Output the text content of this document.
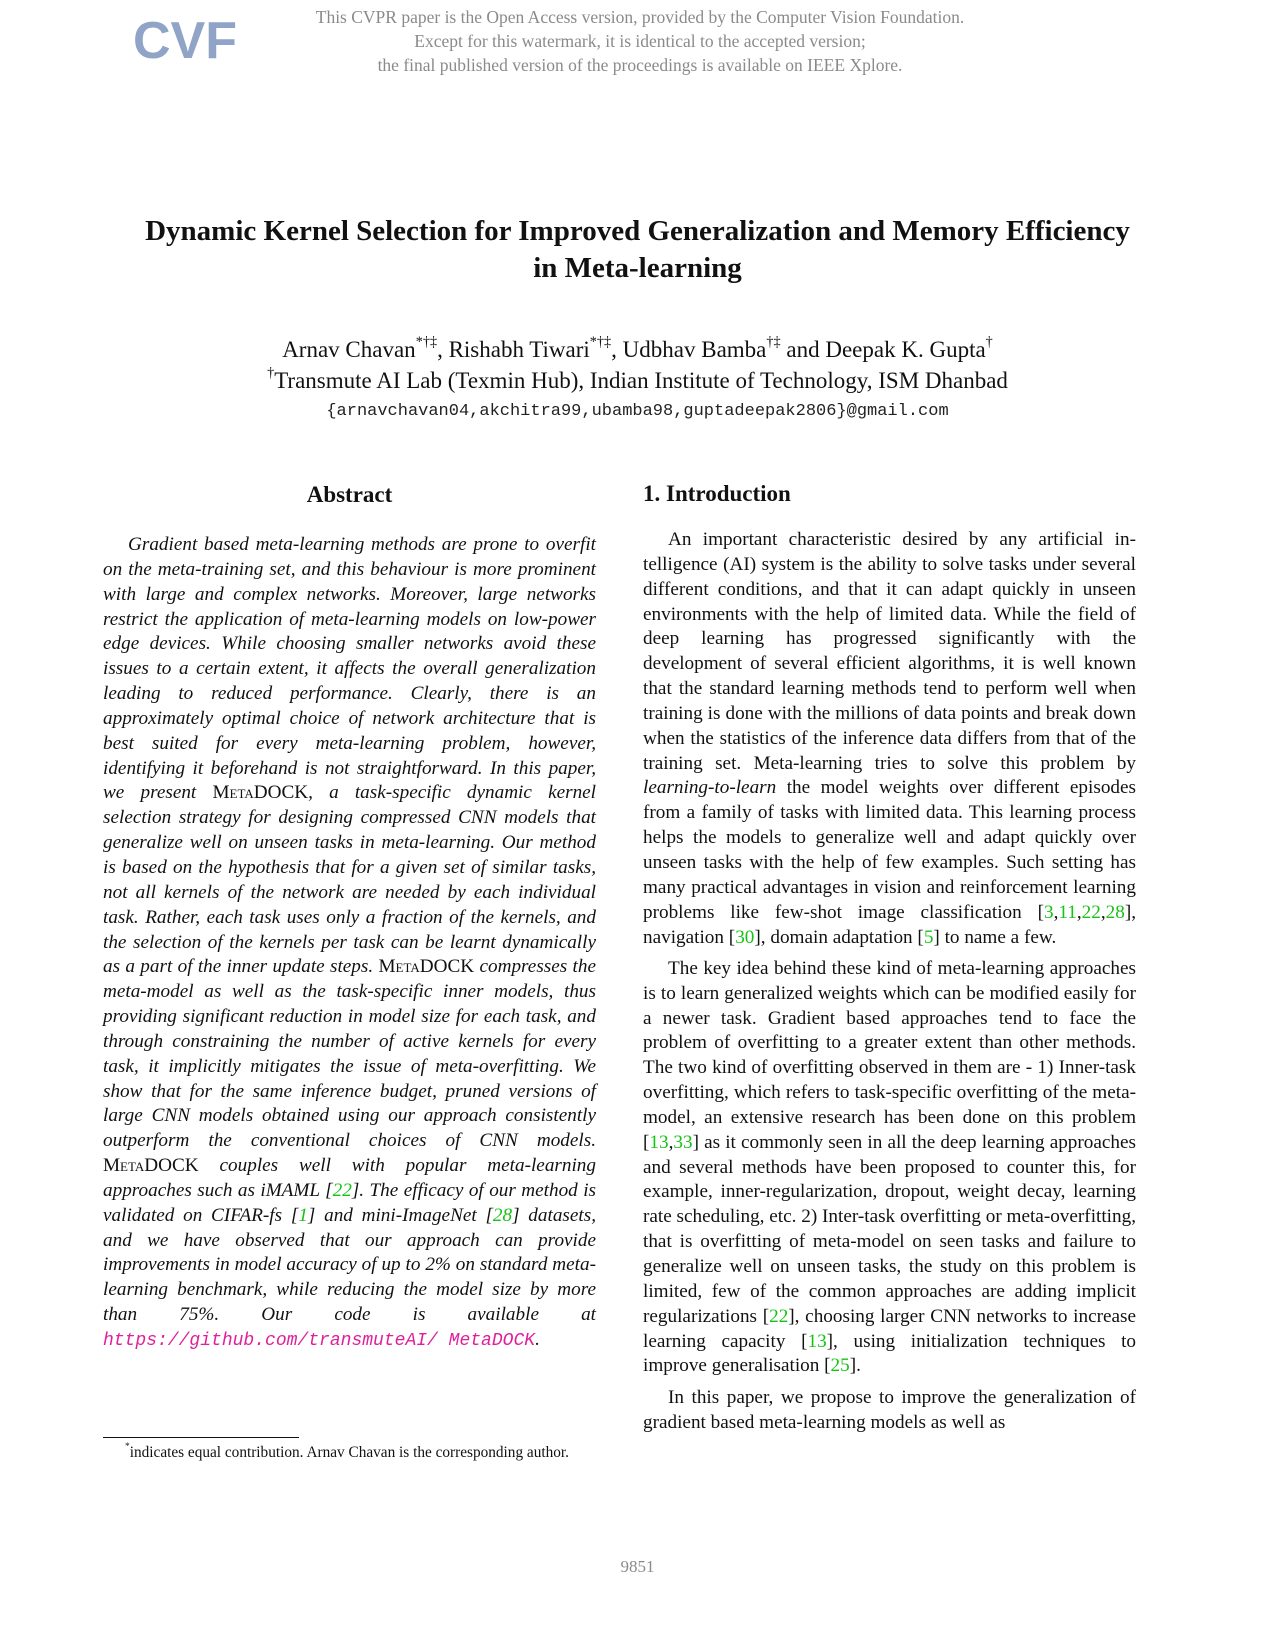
CVF	This CVPR paper is the Open Access version, provided by the Computer Vision Foundation.
Except for this watermark, it is identical to the accepted version;
the final published version of the proceedings is available on IEEE Xplore.
Dynamic Kernel Selection for Improved Generalization and Memory Efficiency
in Meta-learning
Arnav Chavan*†‡, Rishabh Tiwari*†‡, Udbhav Bamba†‡ and Deepak K. Gupta†
†Transmute AI Lab (Texmin Hub), Indian Institute of Technology, ISM Dhanbad
{arnavchavan04,akchitra99,ubamba98,guptadeepak2806}@gmail.com
Abstract
Gradient based meta-learning methods are prone to overfit on the meta-training set, and this behaviour is more prominent with large and complex networks. Moreover, large networks restrict the application of meta-learning models on low-power edge devices. While choosing smaller networks avoid these issues to a certain extent, it affects the overall generalization leading to reduced performance. Clearly, there is an approximately optimal choice of network architecture that is best suited for every meta-learning problem, however, identifying it beforehand is not straightforward. In this paper, we present MetaDOCK, a task-specific dynamic kernel selection strategy for designing compressed CNN models that generalize well on unseen tasks in meta-learning. Our method is based on the hypothesis that for a given set of similar tasks, not all kernels of the network are needed by each individual task. Rather, each task uses only a fraction of the kernels, and the selection of the kernels per task can be learnt dynamically as a part of the inner update steps. MetaDOCK compresses the meta-model as well as the task-specific inner models, thus providing significant reduction in model size for each task, and through constraining the number of active kernels for every task, it implicitly mitigates the issue of meta-overfitting. We show that for the same inference budget, pruned versions of large CNN models obtained using our approach consistently outperform the conventional choices of CNN models. MetaDOCK couples well with popular meta-learning approaches such as iMAML [22]. The efficacy of our method is validated on CIFAR-fs [1] and mini-ImageNet [28] datasets, and we have observed that our approach can provide improvements in model accuracy of up to 2% on standard meta-learning benchmark, while reducing the model size by more than 75%. Our code is available at https://github.com/transmuteAI/ MetaDOCK.
*indicates equal contribution. Arnav Chavan is the corresponding author.
1. Introduction

An important characteristic desired by any artificial intelligence (AI) system is the ability to solve tasks under several different conditions, and that it can adapt quickly in unseen environments with the help of limited data. While the field of deep learning has progressed significantly with the development of several efficient algorithms, it is well known that the standard learning methods tend to perform well when training is done with the millions of data points and break down when the statistics of the inference data differs from that of the training set. Meta-learning tries to solve this problem by learning-to-learn the model weights over different episodes from a family of tasks with limited data. This learning process helps the models to generalize well and adapt quickly over unseen tasks with the help of few examples. Such setting has many practical advantages in vision and reinforcement learning problems like few-shot image classification [3,11,22,28], navigation [30], domain adaptation [5] to name a few.

The key idea behind these kind of meta-learning approaches is to learn generalized weights which can be modified easily for a newer task. Gradient based approaches tend to face the problem of overfitting to a greater extent than other methods. The two kind of overfitting observed in them are - 1) Inner-task overfitting, which refers to task-specific overfitting of the meta-model, an extensive research has been done on this problem [13,33] as it commonly seen in all the deep learning approaches and several methods have been proposed to counter this, for example, inner-regularization, dropout, weight decay, learning rate scheduling, etc. 2) Inter-task overfitting or meta-overfitting, that is overfitting of meta-model on seen tasks and failure to generalize well on unseen tasks, the study on this problem is limited, few of the common approaches are adding implicit regularizations [22], choosing larger CNN networks to increase learning capacity [13], using initialization techniques to improve generalisation [25].

In this paper, we propose to improve the generalization of gradient based meta-learning models as well as

9851
